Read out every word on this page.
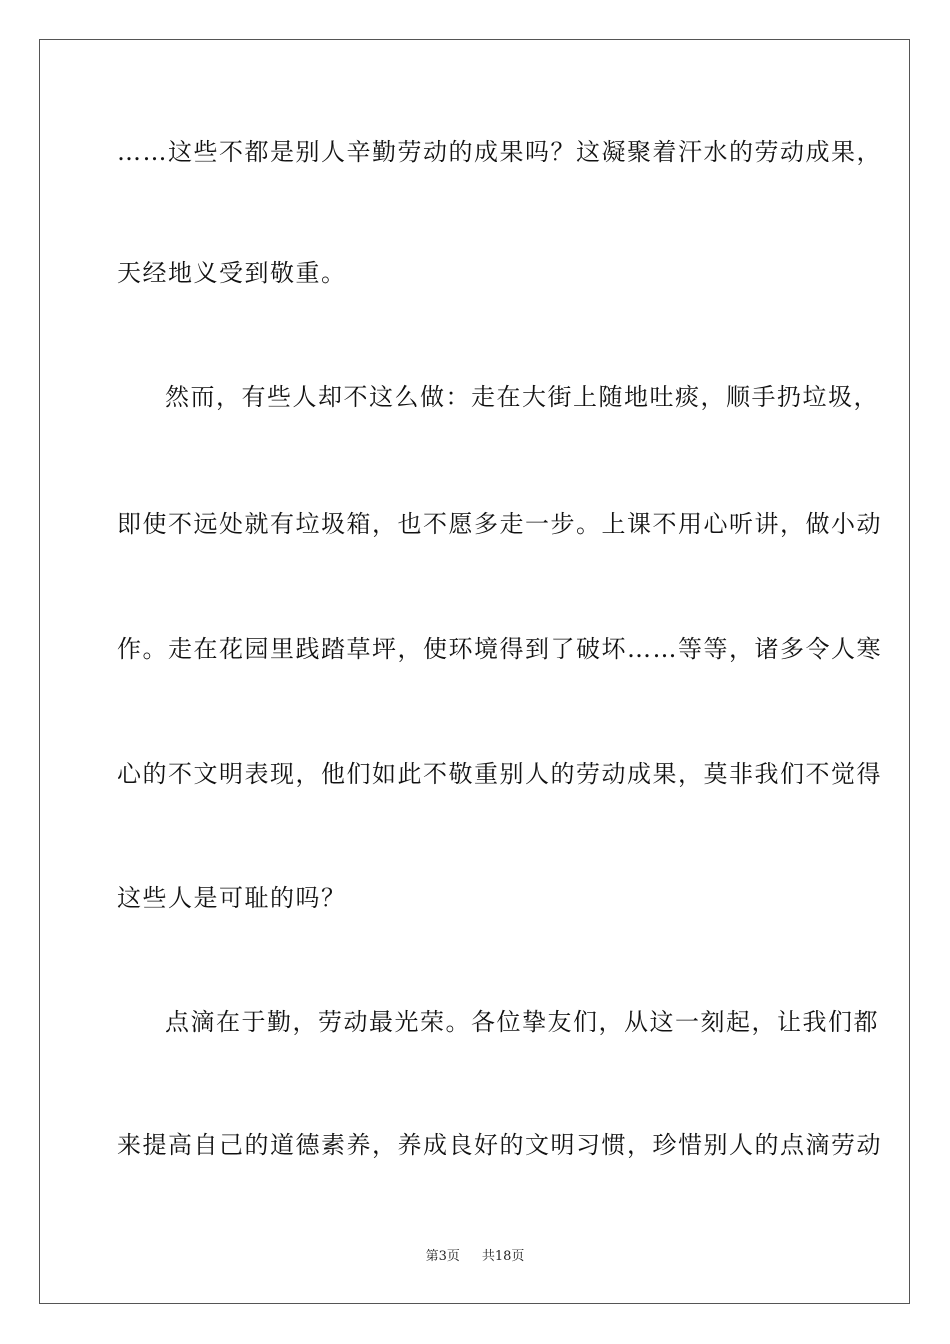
……这些不都是别人辛勤劳动的成果吗？这凝聚着汗水的劳动成果，
天经地义受到敬重。
然而，有些人却不这么做：走在大街上随地吐痰，顺手扔垃圾，
即使不远处就有垃圾箱，也不愿多走一步。上课不用心听讲，做小动
作。走在花园里践踏草坪，使环境得到了破坏……等等，诸多令人寒
心的不文明表现，他们如此不敬重别人的劳动成果，莫非我们不觉得
这些人是可耻的吗？
点滴在于勤，劳动最光荣。各位挚友们，从这一刻起，让我们都
来提高自己的道德素养，养成良好的文明习惯，珍惜别人的点滴劳动
第3页 共18页
